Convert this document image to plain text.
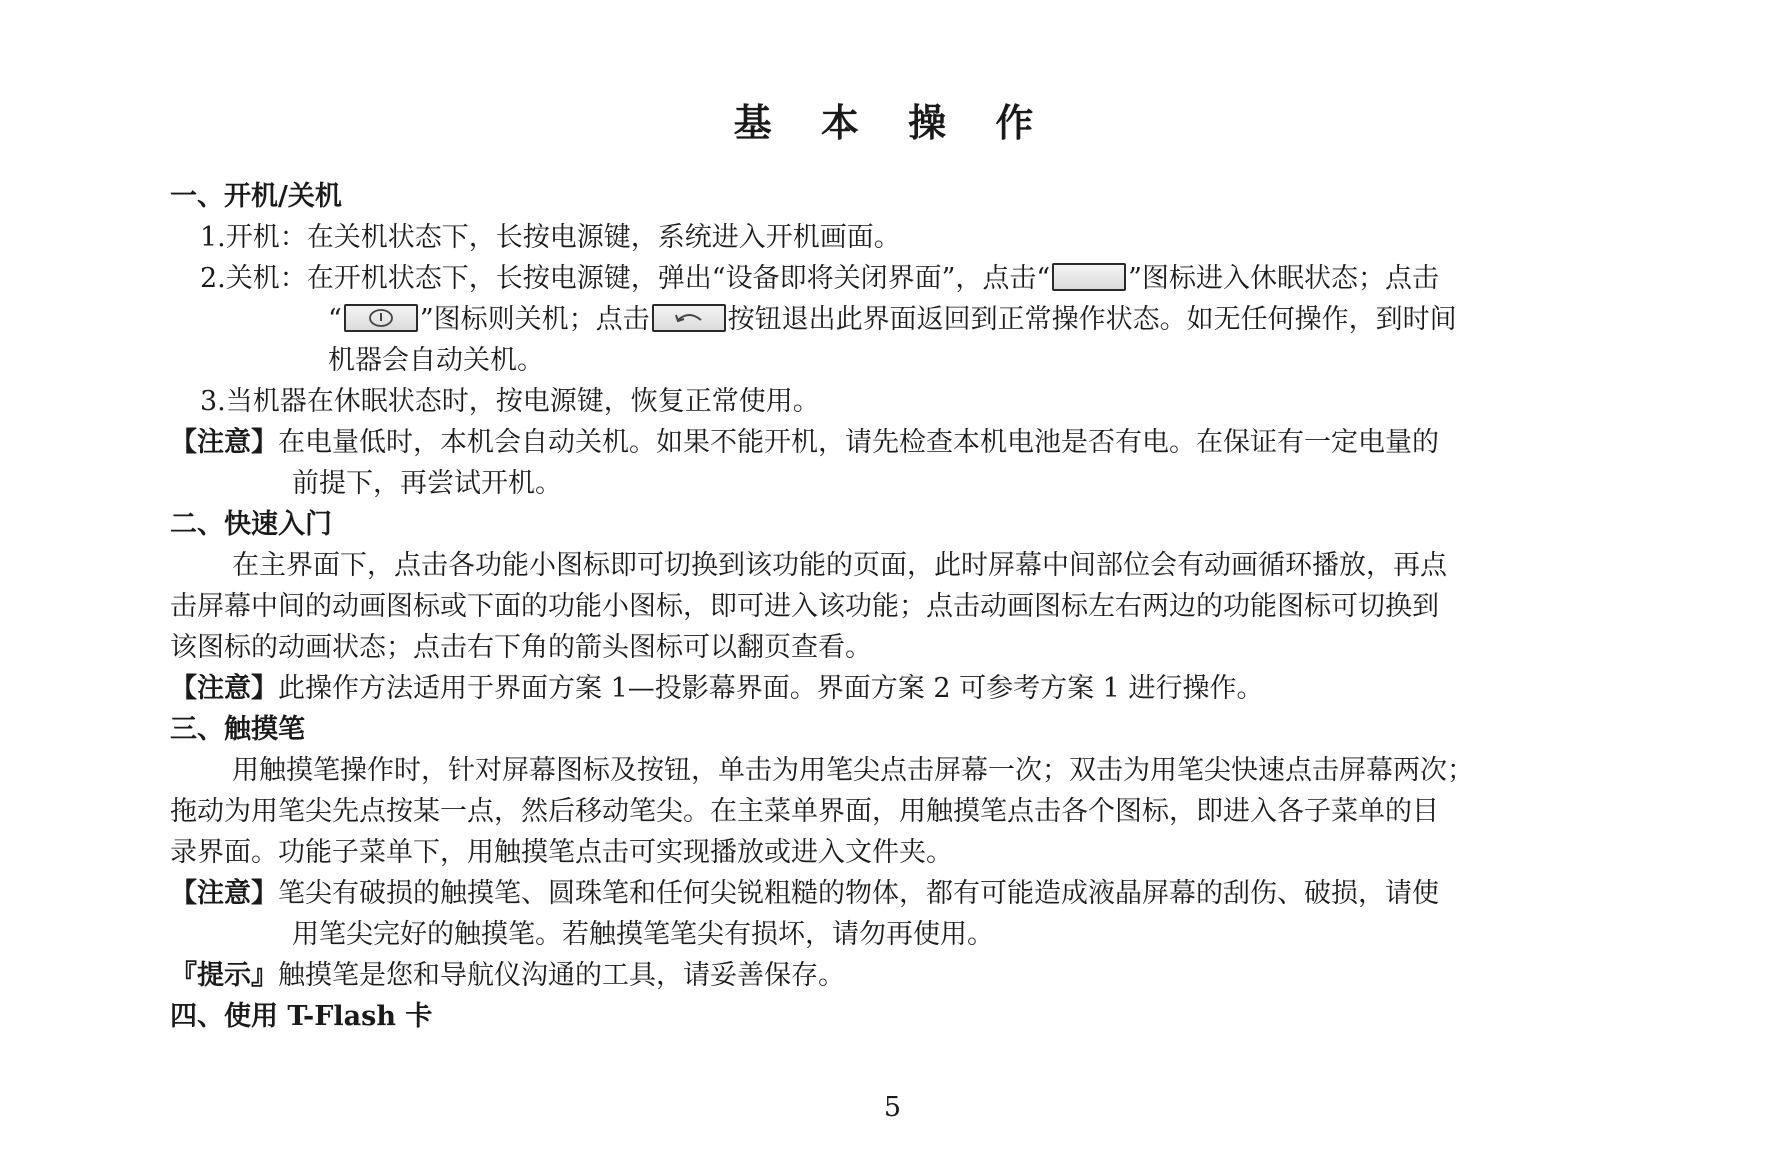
基 本 操 作
一、开机/关机
1.开机：在关机状态下，长按电源键，系统进入开机画面。
2.关机：在开机状态下，长按电源键，弹出“设备即将关闭界面”，点击“	”图标进入休眠状态；点击
“	”图标则关机；点击	按钮退出此界面返回到正常操作状态。如无任何操作，到时间
机器会自动关机。
3.当机器在休眠状态时，按电源键，恢复正常使用。
【注意】在电量低时，本机会自动关机。如果不能开机，请先检查本机电池是否有电。在保证有一定电量的
前提下，再尝试开机。
二、快速入门
在主界面下，点击各功能小图标即可切换到该功能的页面，此时屏幕中间部位会有动画循环播放，再点
击屏幕中间的动画图标或下面的功能小图标，即可进入该功能；点击动画图标左右两边的功能图标可切换到
该图标的动画状态；点击右下角的箭头图标可以翻页查看。
【注意】此操作方法适用于界面方案 1—投影幕界面。界面方案 2 可参考方案 1 进行操作。
三、触摸笔
用触摸笔操作时，针对屏幕图标及按钮，单击为用笔尖点击屏幕一次；双击为用笔尖快速点击屏幕两次；
拖动为用笔尖先点按某一点，然后移动笔尖。在主菜单界面，用触摸笔点击各个图标，即进入各子菜单的目
录界面。功能子菜单下，用触摸笔点击可实现播放或进入文件夹。
【注意】笔尖有破损的触摸笔、圆珠笔和任何尖锐粗糙的物体，都有可能造成液晶屏幕的刮伤、破损，请使
用笔尖完好的触摸笔。若触摸笔笔尖有损坏，请勿再使用。
『提示』触摸笔是您和导航仪沟通的工具，请妥善保存。
四、使用 T-Flash 卡
5
